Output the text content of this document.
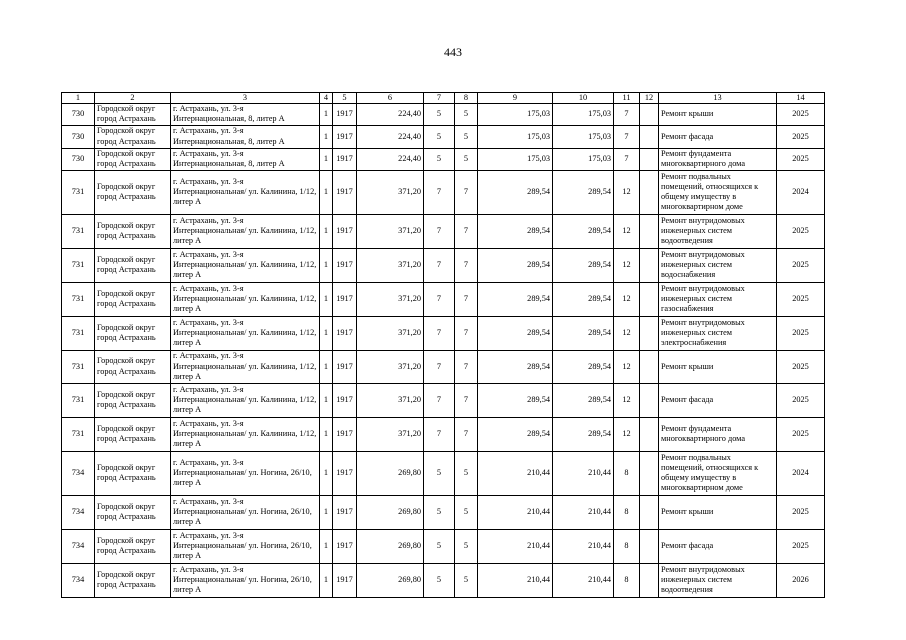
443
1	2	3	4	5	6	7	8	9	10	11	12	13	14
730	Городской округ город Астрахань	г. Астрахань, ул. 3-я Интернациональная, 8, литер А	1	1917	224,40	5	5	175,03	175,03	7		Ремонт крыши	2025
730	Городской округ город Астрахань	г. Астрахань, ул. 3-я Интернациональная, 8, литер А	1	1917	224,40	5	5	175,03	175,03	7		Ремонт фасада	2025
730	Городской округ город Астрахань	г. Астрахань, ул. 3-я Интернациональная, 8, литер А	1	1917	224,40	5	5	175,03	175,03	7		Ремонт фундамента многоквартирного дома	2025
731	Городской округ город Астрахань	г. Астрахань, ул. 3-я Интернациональная/ ул. Калинина, 1/12, литер А	1	1917	371,20	7	7	289,54	289,54	12		Ремонт подвальных помещений, относящихся к общему имуществу в многоквартирном доме	2024
731	Городской округ город Астрахань	г. Астрахань, ул. 3-я Интернациональная/ ул. Калинина, 1/12, литер А	1	1917	371,20	7	7	289,54	289,54	12		Ремонт внутридомовых инженерных систем водоотведения	2025
731	Городской округ город Астрахань	г. Астрахань, ул. 3-я Интернациональная/ ул. Калинина, 1/12, литер А	1	1917	371,20	7	7	289,54	289,54	12		Ремонт внутридомовых инженерных систем водоснабжения	2025
731	Городской округ город Астрахань	г. Астрахань, ул. 3-я Интернациональная/ ул. Калинина, 1/12, литер А	1	1917	371,20	7	7	289,54	289,54	12		Ремонт внутридомовых инженерных систем газоснабжения	2025
731	Городской округ город Астрахань	г. Астрахань, ул. 3-я Интернациональная/ ул. Калинина, 1/12, литер А	1	1917	371,20	7	7	289,54	289,54	12		Ремонт внутридомовых инженерных систем электроснабжения	2025
731	Городской округ город Астрахань	г. Астрахань, ул. 3-я Интернациональная/ ул. Калинина, 1/12, литер А	1	1917	371,20	7	7	289,54	289,54	12		Ремонт крыши	2025
731	Городской округ город Астрахань	г. Астрахань, ул. 3-я Интернациональная/ ул. Калинина, 1/12, литер А	1	1917	371,20	7	7	289,54	289,54	12		Ремонт фасада	2025
731	Городской округ город Астрахань	г. Астрахань, ул. 3-я Интернациональная/ ул. Калинина, 1/12, литер А	1	1917	371,20	7	7	289,54	289,54	12		Ремонт фундамента многоквартирного дома	2025
734	Городской округ город Астрахань	г. Астрахань, ул. 3-я Интернациональная/ ул. Ногина, 26/10, литер А	1	1917	269,80	5	5	210,44	210,44	8		Ремонт подвальных помещений, относящихся к общему имуществу в многоквартирном доме	2024
734	Городской округ город Астрахань	г. Астрахань, ул. 3-я Интернациональная/ ул. Ногина, 26/10, литер А	1	1917	269,80	5	5	210,44	210,44	8		Ремонт крыши	2025
734	Городской округ город Астрахань	г. Астрахань, ул. 3-я Интернациональная/ ул. Ногина, 26/10, литер А	1	1917	269,80	5	5	210,44	210,44	8		Ремонт фасада	2025
734	Городской округ город Астрахань	г. Астрахань, ул. 3-я Интернациональная/ ул. Ногина, 26/10, литер А	1	1917	269,80	5	5	210,44	210,44	8		Ремонт внутридомовых инженерных систем водоотведения	2026
